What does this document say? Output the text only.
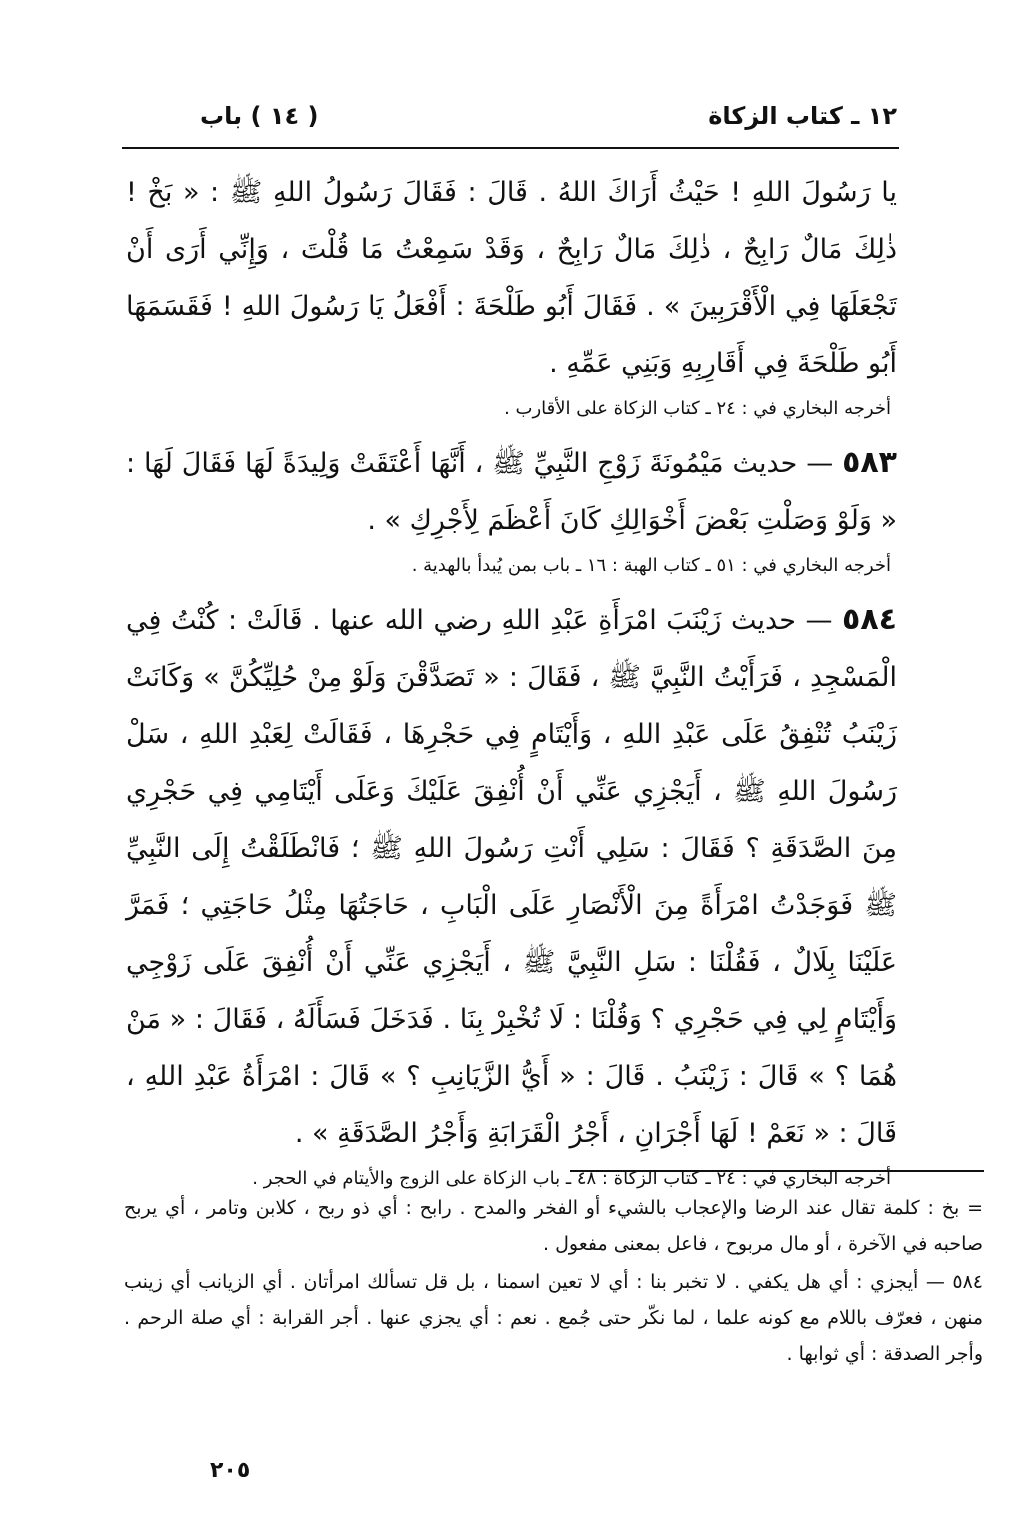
١٢ ـ كتاب الزكاة
( ١٤ ) باب

يا رَسُولَ اللهِ ! حَيْثُ أَرَاكَ اللهُ . قَالَ : فَقَالَ رَسُولُ اللهِ ﷺ : « بَخْ ! ذٰلِكَ مَالٌ رَابِحٌ ، ذٰلِكَ مَالٌ رَابِحٌ ، وَقَدْ سَمِعْتُ مَا قُلْتَ ، وَإِنِّي أَرَى أَنْ تَجْعَلَهَا فِي الْأَقْرَبِينَ » . فَقَالَ أَبُو طَلْحَةَ : أَفْعَلُ يَا رَسُولَ اللهِ ! فَقَسَمَهَا أَبُو طَلْحَةَ فِي أَقَارِبِهِ وَبَنِي عَمِّهِ .

أخرجه البخاري في : ٢٤ ـ كتاب الزكاة على الأقارب .

٥٨٣ — حديث مَيْمُونَةَ زَوْجِ النَّبِيِّ ﷺ ، أَنَّهَا أَعْتَقَتْ وَلِيدَةً لَهَا فَقَالَ لَهَا : « وَلَوْ وَصَلْتِ بَعْضَ أَخْوَالِكِ كَانَ أَعْظَمَ لِأَجْرِكِ » .

أخرجه البخاري في : ٥١ ـ كتاب الهبة : ١٦ ـ باب بمن يُبدأ بالهدية .

٥٨٤ — حديث زَيْنَبَ امْرَأَةِ عَبْدِ اللهِ رضي الله عنها . قَالَتْ : كُنْتُ فِي الْمَسْجِدِ ، فَرَأَيْتُ النَّبِيَّ ﷺ ، فَقَالَ : « تَصَدَّقْنَ وَلَوْ مِنْ حُلِيِّكُنَّ » وَكَانَتْ زَيْنَبُ تُنْفِقُ عَلَى عَبْدِ اللهِ ، وَأَيْتَامٍ فِي حَجْرِهَا ، فَقَالَتْ لِعَبْدِ اللهِ ، سَلْ رَسُولَ اللهِ ﷺ ، أَيَجْزِي عَنِّي أَنْ أُنْفِقَ عَلَيْكَ وَعَلَى أَيْتَامِي فِي حَجْرِي مِنَ الصَّدَقَةِ ؟ فَقَالَ : سَلِي أَنْتِ رَسُولَ اللهِ ﷺ ؛ فَانْطَلَقْتُ إِلَى النَّبِيِّ ﷺ فَوَجَدْتُ امْرَأَةً مِنَ الْأَنْصَارِ عَلَى الْبَابِ ، حَاجَتُهَا مِثْلُ حَاجَتِي ؛ فَمَرَّ عَلَيْنَا بِلَالٌ ، فَقُلْنَا : سَلِ النَّبِيَّ ﷺ ، أَيَجْزِي عَنِّي أَنْ أُنْفِقَ عَلَى زَوْجِي وَأَيْتَامٍ لِي فِي حَجْرِي ؟ وَقُلْنَا : لَا تُخْبِرْ بِنَا . فَدَخَلَ فَسَأَلَهُ ، فَقَالَ : « مَنْ هُمَا ؟ » قَالَ : زَيْنَبُ . قَالَ : « أَيُّ الزَّيَانِبِ ؟ » قَالَ : امْرَأَةُ عَبْدِ اللهِ ، قَالَ : « نَعَمْ ! لَهَا أَجْرَانِ ، أَجْرُ الْقَرَابَةِ وَأَجْرُ الصَّدَقَةِ » .

أخرجه البخاري في : ٢٤ ـ كتاب الزكاة : ٤٨ ـ باب الزكاة على الزوج والأيتام في الحجر .

= بخ : كلمة تقال عند الرضا والإعجاب بالشيء أو الفخر والمدح . رابح : أي ذو ربح ، كلابن وتامر ، أي يربح صاحبه في الآخرة ، أو مال مربوح ، فاعل بمعنى مفعول .

٥٨٤ — أيجزي : أي هل يكفي . لا تخبر بنا : أي لا تعين اسمنا ، بل قل تسألك امرأتان . أي الزيانب أي زينب منهن ، فعرّف باللام مع كونه علما ، لما نكّر حتى جُمع . نعم : أي يجزي عنها . أجر القرابة : أي صلة الرحم . وأجر الصدقة : أي ثوابها .

٢٠٥
